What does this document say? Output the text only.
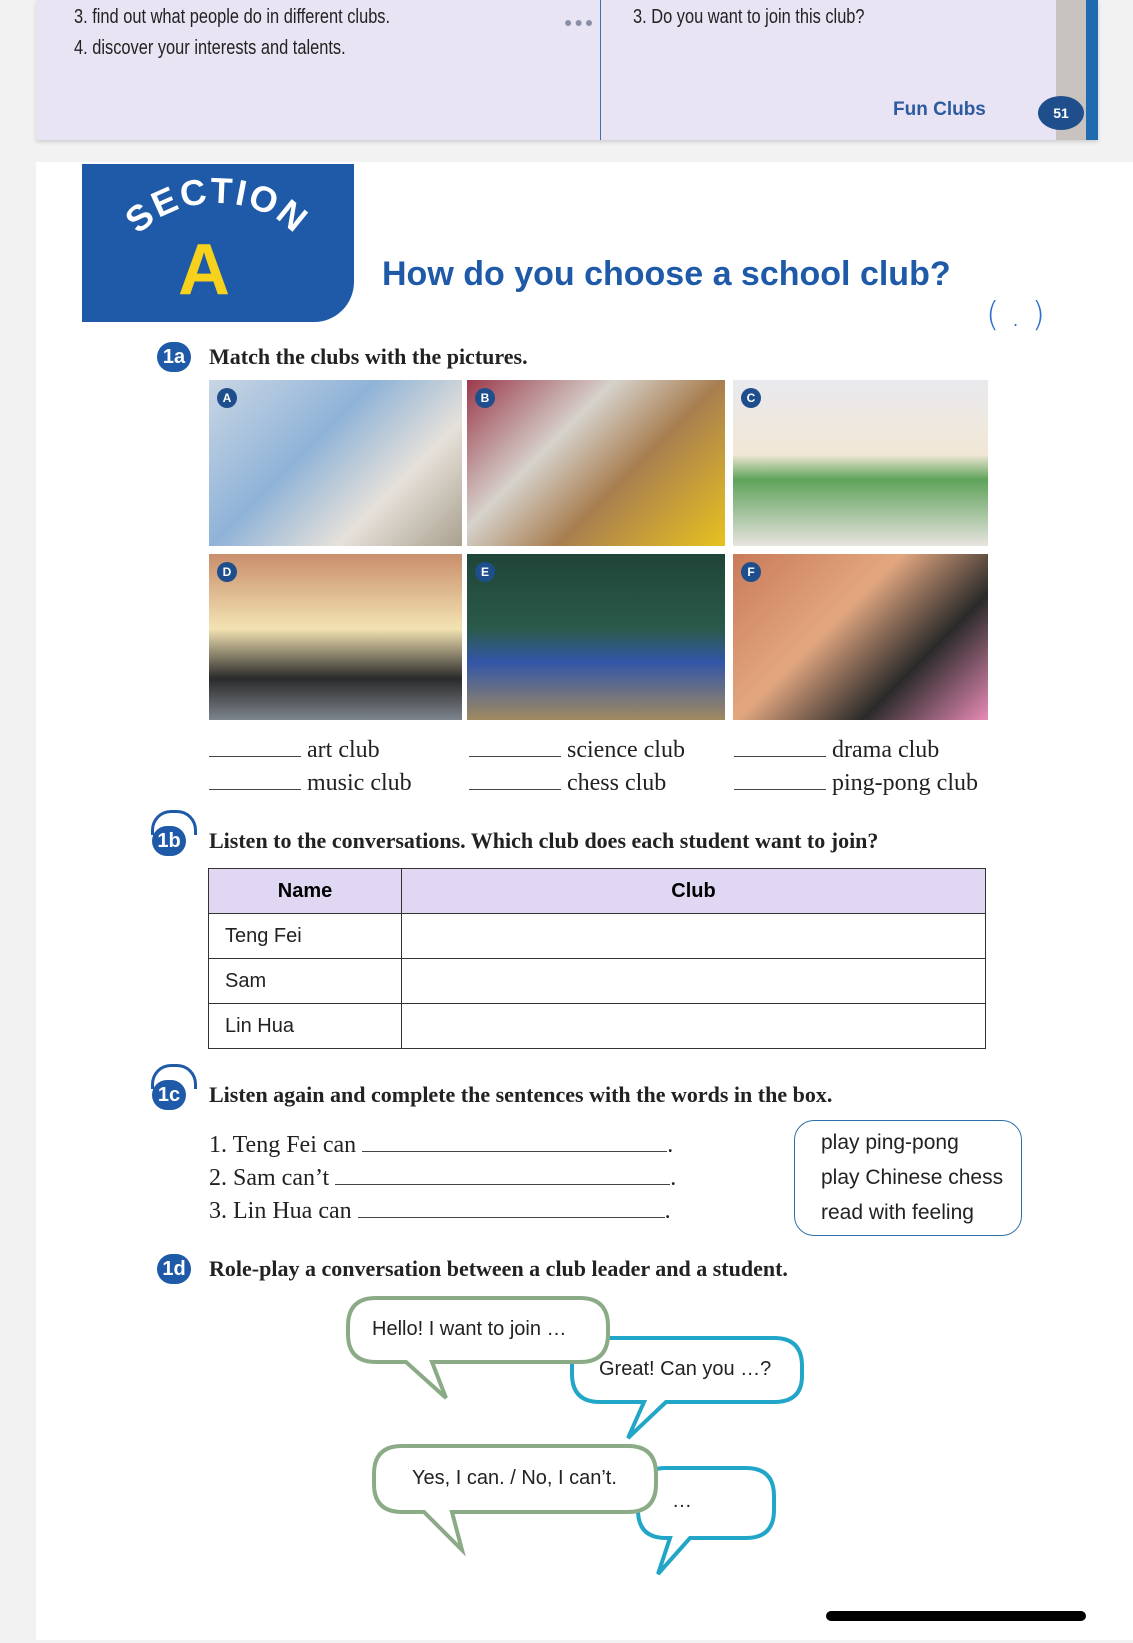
3. find out what people do in different clubs.
4. discover your interests and talents.
●●● 3. Do you want to join this club?
Fun Clubs	51
SECTION
A	How do you choose a school club?
( . )
1a Match the clubs with the pictures.
A	B	C
D	E	F
art club	science club	drama club
music club	chess club	ping-pong club
1b Listen to the conversations. Which club does each student want to join?
Name	Club
Teng Fei	
Sam	
Lin Hua	
1c Listen again and complete the sentences with the words in the box.
1. Teng Fei can	.
2. Sam can’t	.
3. Lin Hua can	.
play ping-pong
play Chinese chess
read with feeling
1d Role-play a conversation between a club leader and a student.
Hello! I want to join …
Great! Can you …?
Yes, I can. / No, I can’t.
…
